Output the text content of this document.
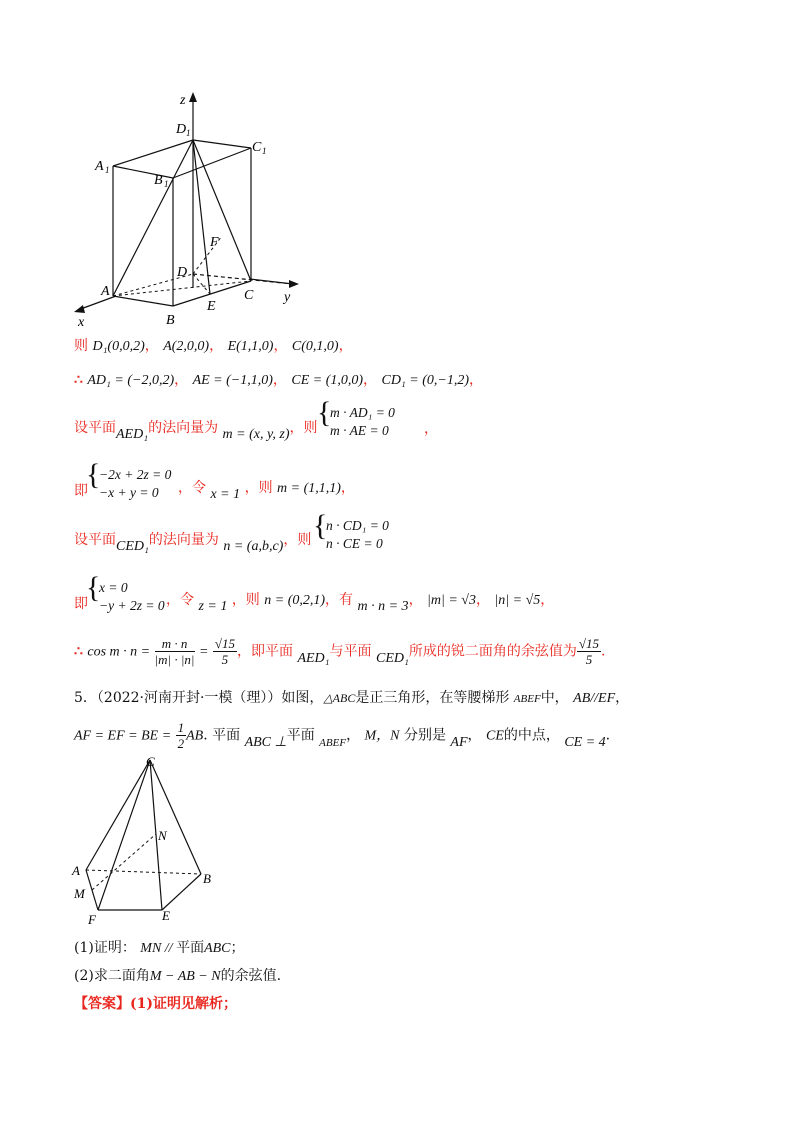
z
y
x
D 1
C 1
A 1
B 1
F
D
A
B
E
C
则 D₁(0,0,2)， A(2,0,0)， E(1,1,0)， C(0,1,0)，
∴ AD₁ = (−2,0,2)， AE = (−1,1,0)， CE = (1,0,0)， CD₁ = (0,−1,2)，
设平面AED₁的法向量为 m = (x, y, z)，则 {
m · AD₁ = 0
m · AE = 0	，
{
即
−2x + 2z = 0
−x + y = 0	，令 x = 1 ，则 m = (1,1,1)，
设平面CED₁的法向量为 n = (a,b,c)，则 {
n · CD₁ = 0
n · CE = 0
{
即
x = 0
−y + 2z = 0 ，令 z = 1 ，则 n = (0,2,1)，有 m · n = 3， |m| = √3， |n| = √5，
∴ $\cos m \cdot n = \frac{m \cdot n}{|m| \cdot |n|} = \frac{√15}{5}$ ，即平面 AED₁与平面 CED₁所成的锐二面角的余弦值为 $\frac{√15}{5}$ .
5．（2022·河南开封·一模（理））如图，△ABC是正三角形，在等腰梯形 ABEF中， AB//EF，
AF = EF = BE = $\frac{1}{2}$ AB. 平面 ABC ⊥平面 $_{ABEF}$， M，N 分别是 AF， CE的中点， CE = 4.
C
N
A
B
M
F	E
(1)证明： MN // 平面ABC；
(2)求二面角M − AB − N的余弦值.
【答案】(1)证明见解析；
